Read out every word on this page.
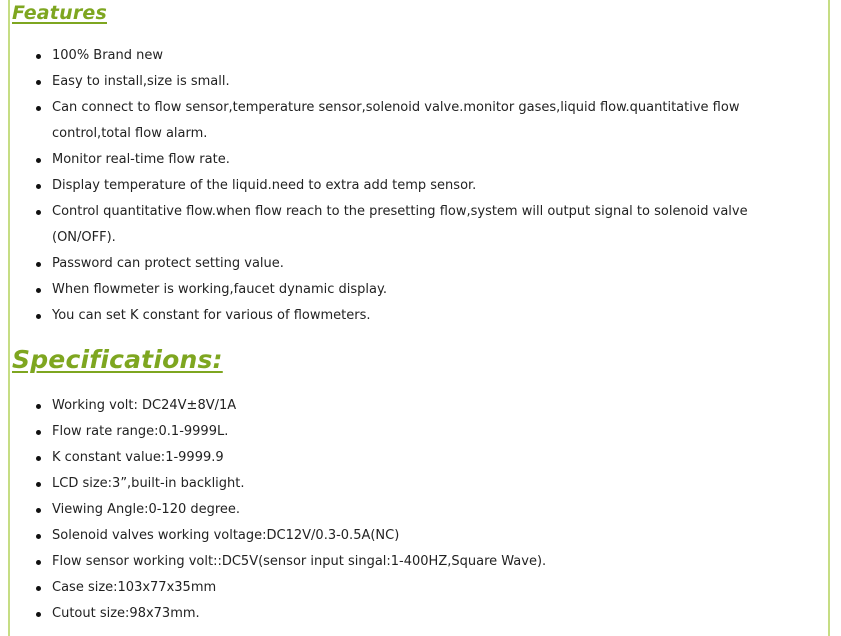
Features
100% Brand new
Easy to install,size is small.
Can connect to flow sensor,temperature sensor,solenoid valve.monitor gases,liquid flow.quantitative flow control,total flow alarm.
Monitor real-time flow rate.
Display temperature of the liquid.need to extra add temp sensor.
Control quantitative flow.when flow reach to the presetting flow,system will output signal to solenoid valve (ON/OFF).
Password can protect setting value.
When flowmeter is working,faucet dynamic display.
You can set K constant for various of flowmeters.
Specifications:
Working volt: DC24V±8V/1A
Flow rate range:0.1-9999L.
K constant value:1-9999.9
LCD size:3”,built-in backlight.
Viewing Angle:0-120 degree.
Solenoid valves working voltage:DC12V/0.3-0.5A(NC)
Flow sensor working volt::DC5V(sensor input singal:1-400HZ,Square Wave).
Case size:103x77x35mm
Cutout size:98x73mm.
